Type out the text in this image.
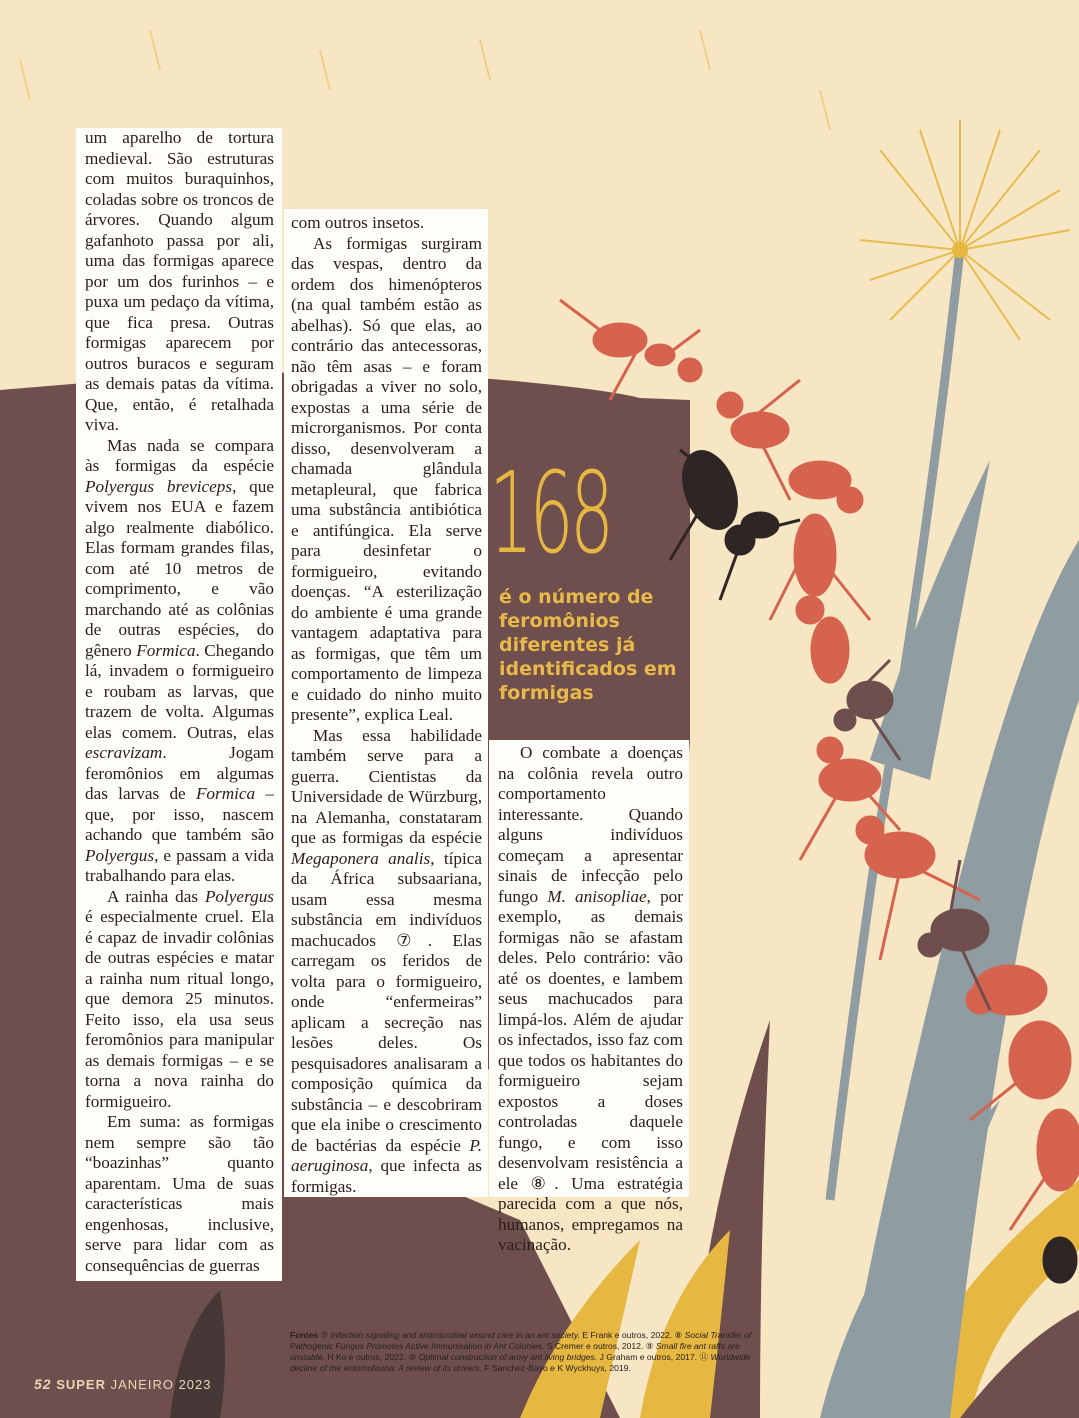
um aparelho de tortura medieval. São estruturas com muitos buraquinhos, coladas sobre os troncos de árvores. Quando algum gafanhoto passa por ali, uma das formigas aparece por um dos furinhos – e puxa um pedaço da vítima, que fica presa. Outras formigas aparecem por outros buracos e seguram as demais patas da vítima. Que, então, é retalhada viva.

Mas nada se compara às formigas da espécie Polyergus breviceps, que vivem nos EUA e fazem algo realmente diabólico. Elas formam grandes filas, com até 10 metros de comprimento, e vão marchando até as colônias de outras espécies, do gênero Formica. Chegando lá, invadem o formigueiro e roubam as larvas, que trazem de volta. Algumas elas comem. Outras, elas escravizam. Jogam feromônios em algumas das larvas de Formica – que, por isso, nascem achando que também são Polyergus, e passam a vida trabalhando para elas.

A rainha das Polyergus é especialmente cruel. Ela é capaz de invadir colônias de outras espécies e matar a rainha num ritual longo, que demora 25 minutos. Feito isso, ela usa seus feromônios para manipular as demais formigas – e se torna a nova rainha do formigueiro.

Em suma: as formigas nem sempre são tão “boazinhas” quanto aparentam. Uma de suas características mais engenhosas, inclusive, serve para lidar com as consequências de guerras

com outros insetos.

As formigas surgiram das vespas, dentro da ordem dos himenópteros (na qual também estão as abelhas). Só que elas, ao contrário das antecessoras, não têm asas – e foram obrigadas a viver no solo, expostas a uma série de microrganismos. Por conta disso, desenvolveram a chamada glândula metapleural, que fabrica uma substância antibiótica e antifúngica. Ela serve para desinfetar o formigueiro, evitando doenças. “A esterilização do ambiente é uma grande vantagem adaptativa para as formigas, que têm um comportamento de limpeza e cuidado do ninho muito presente”, explica Leal.

Mas essa habilidade também serve para a guerra. Cientistas da Universidade de Würzburg, na Alemanha, constataram que as formigas da espécie Megaponera analis, típica da África subsaariana, usam essa mesma substância em indivíduos machucados ⑦. Elas carregam os feridos de volta para o formigueiro, onde “enfermeiras” aplicam a secreção nas lesões deles. Os pesquisadores analisaram a composição química da substância – e descobriram que ela inibe o crescimento de bactérias da espécie P. aeruginosa, que infecta as formigas.

168
é o número de feromônios diferentes já identificados em formigas

O combate a doenças na colônia revela outro comportamento interessante. Quando alguns indivíduos começam a apresentar sinais de infecção pelo fungo M. anisopliae, por exemplo, as demais formigas não se afastam deles. Pelo contrário: vão até os doentes, e lambem seus machucados para limpá-los. Além de ajudar os infectados, isso faz com que todos os habitantes do formigueiro sejam expostos a doses controladas daquele fungo, e com isso desenvolvam resistência a ele ⑧. Uma estratégia parecida com a que nós, humanos, empregamos na vacinação.

Fontes ⑦ Infection signaling and antimicrobial wound care in an ant society. E Frank e outros, 2022. ⑧ Social Transfer of Pathogenic Fungus Promotes Active Immunisation in Ant Colonies. S Cremer e outros, 2012. ⑨ Small fire ant rafts are unstable. H Ko e outros, 2022. ⑩ Optimal construction of army ant living bridges. J Graham e outros, 2017. ⑪ Worldwide decline of the entomofauna: A review of its drivers. F Sanchez-Bayo e K Wyckhuys, 2019.
52 SUPER JANEIRO 2023
